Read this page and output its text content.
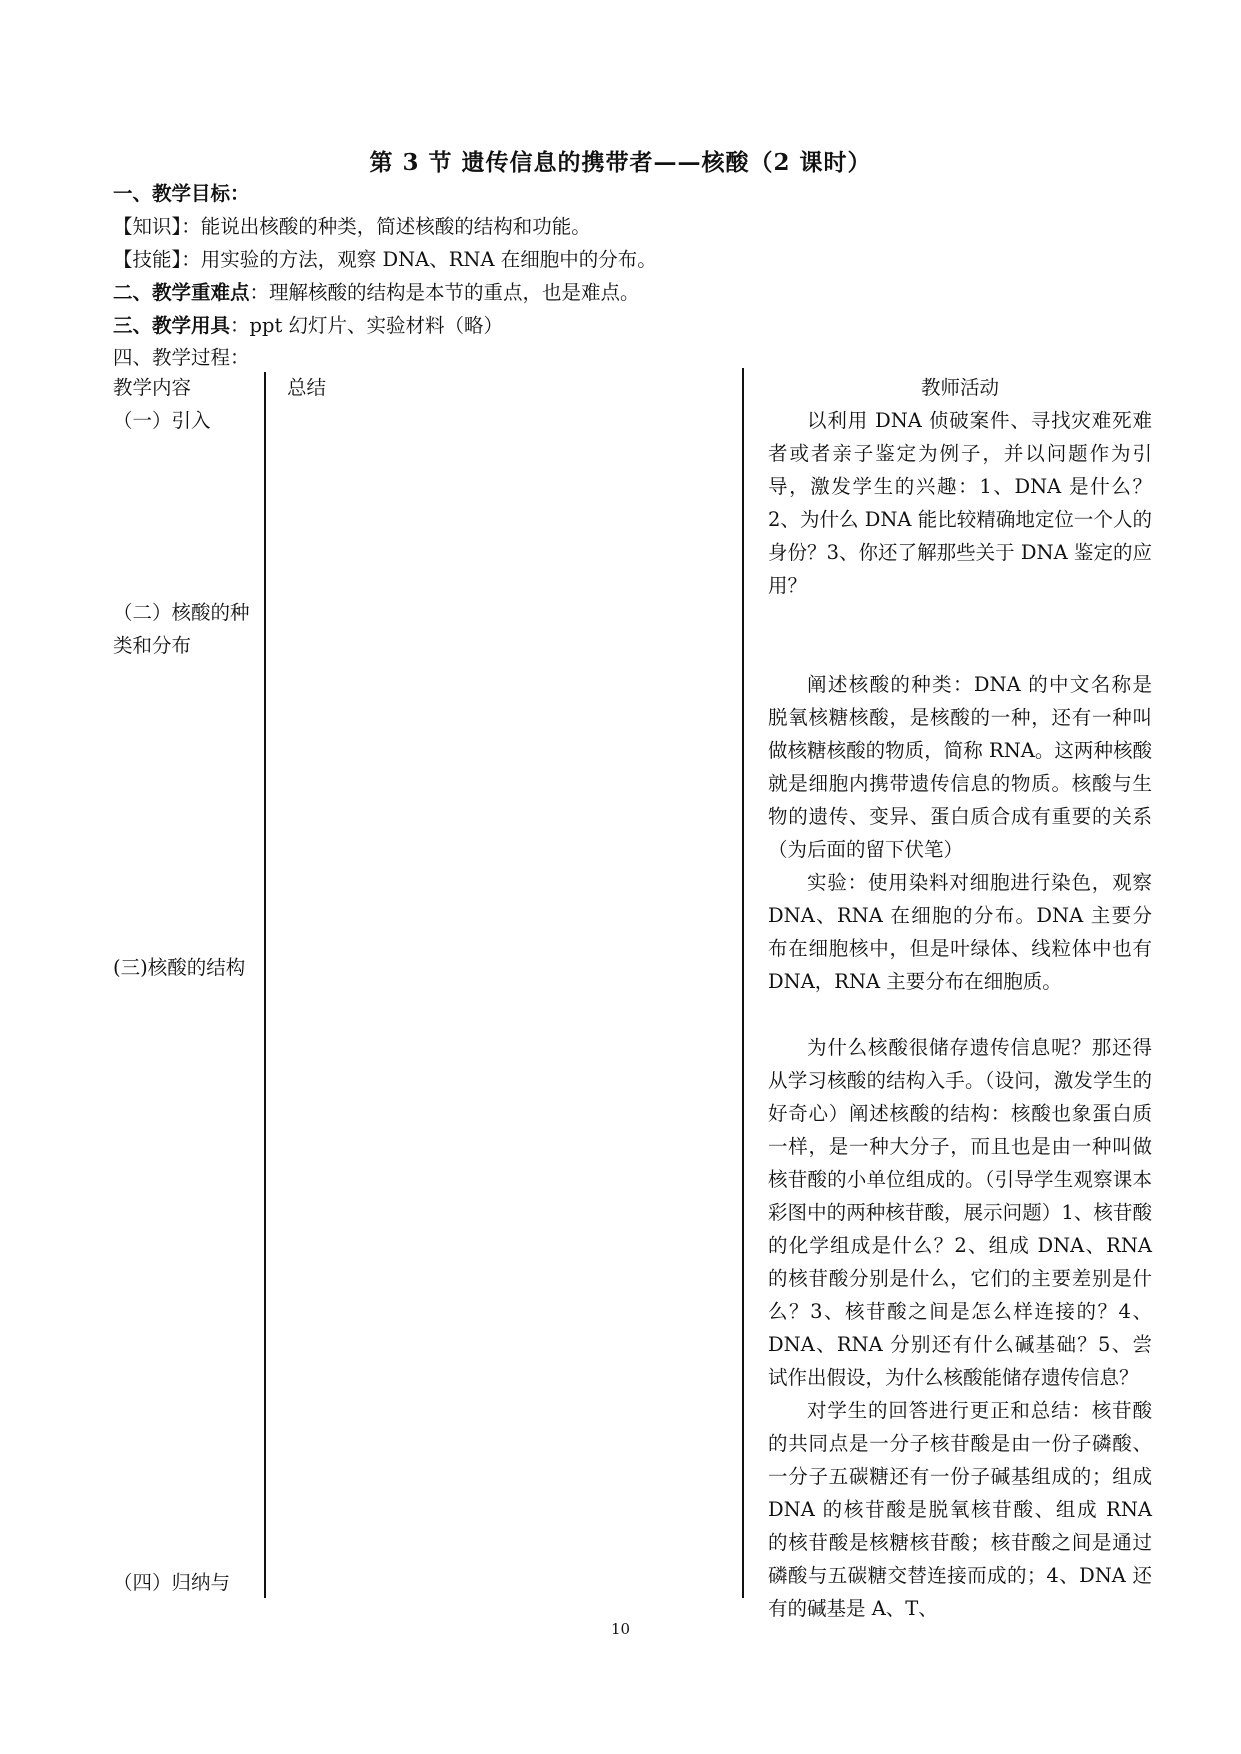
第 3 节 遗传信息的携带者——核酸（2 课时）
一、教学目标：
【知识】：能说出核酸的种类，简述核酸的结构和功能。
【技能】：用实验的方法，观察 DNA、RNA 在细胞中的分布。
二、教学重难点：理解核酸的结构是本节的重点，也是难点。
三、教学用具：ppt 幻灯片、实验材料（略）
四、教学过程：
教学内容	总结	教师活动
（一）引入
（二）核酸的种类和分布
(三)核酸的结构
（四）归纳与

以利用 DNA 侦破案件、寻找灾难死难者或者亲子鉴定为例子，并以问题作为引导，激发学生的兴趣：1、DNA 是什么？2、为什么 DNA 能比较精确地定位一个人的身份？3、你还了解那些关于 DNA 鉴定的应用？

阐述核酸的种类：DNA 的中文名称是脱氧核糖核酸，是核酸的一种，还有一种叫做核糖核酸的物质，简称 RNA。这两种核酸就是细胞内携带遗传信息的物质。核酸与生物的遗传、变异、蛋白质合成有重要的关系（为后面的留下伏笔）

实验：使用染料对细胞进行染色，观察 DNA、RNA 在细胞的分布。DNA 主要分布在细胞核中，但是叶绿体、线粒体中也有 DNA，RNA 主要分布在细胞质。

为什么核酸很储存遗传信息呢？那还得从学习核酸的结构入手。（设问，激发学生的好奇心）阐述核酸的结构：核酸也象蛋白质一样，是一种大分子，而且也是由一种叫做核苷酸的小单位组成的。（引导学生观察课本彩图中的两种核苷酸，展示问题）1、核苷酸的化学组成是什么？2、组成 DNA、RNA 的核苷酸分别是什么，它们的主要差别是什么？3、核苷酸之间是怎么样连接的？4、DNA、RNA 分别还有什么碱基础？5、尝试作出假设，为什么核酸能储存遗传信息？

对学生的回答进行更正和总结：核苷酸的共同点是一分子核苷酸是由一份子磷酸、一分子五碳糖还有一份子碱基组成的；组成 DNA 的核苷酸是脱氧核苷酸、组成 RNA 的核苷酸是核糖核苷酸；核苷酸之间是通过磷酸与五碳糖交替连接而成的；4、DNA 还有的碱基是 A、T、

10
